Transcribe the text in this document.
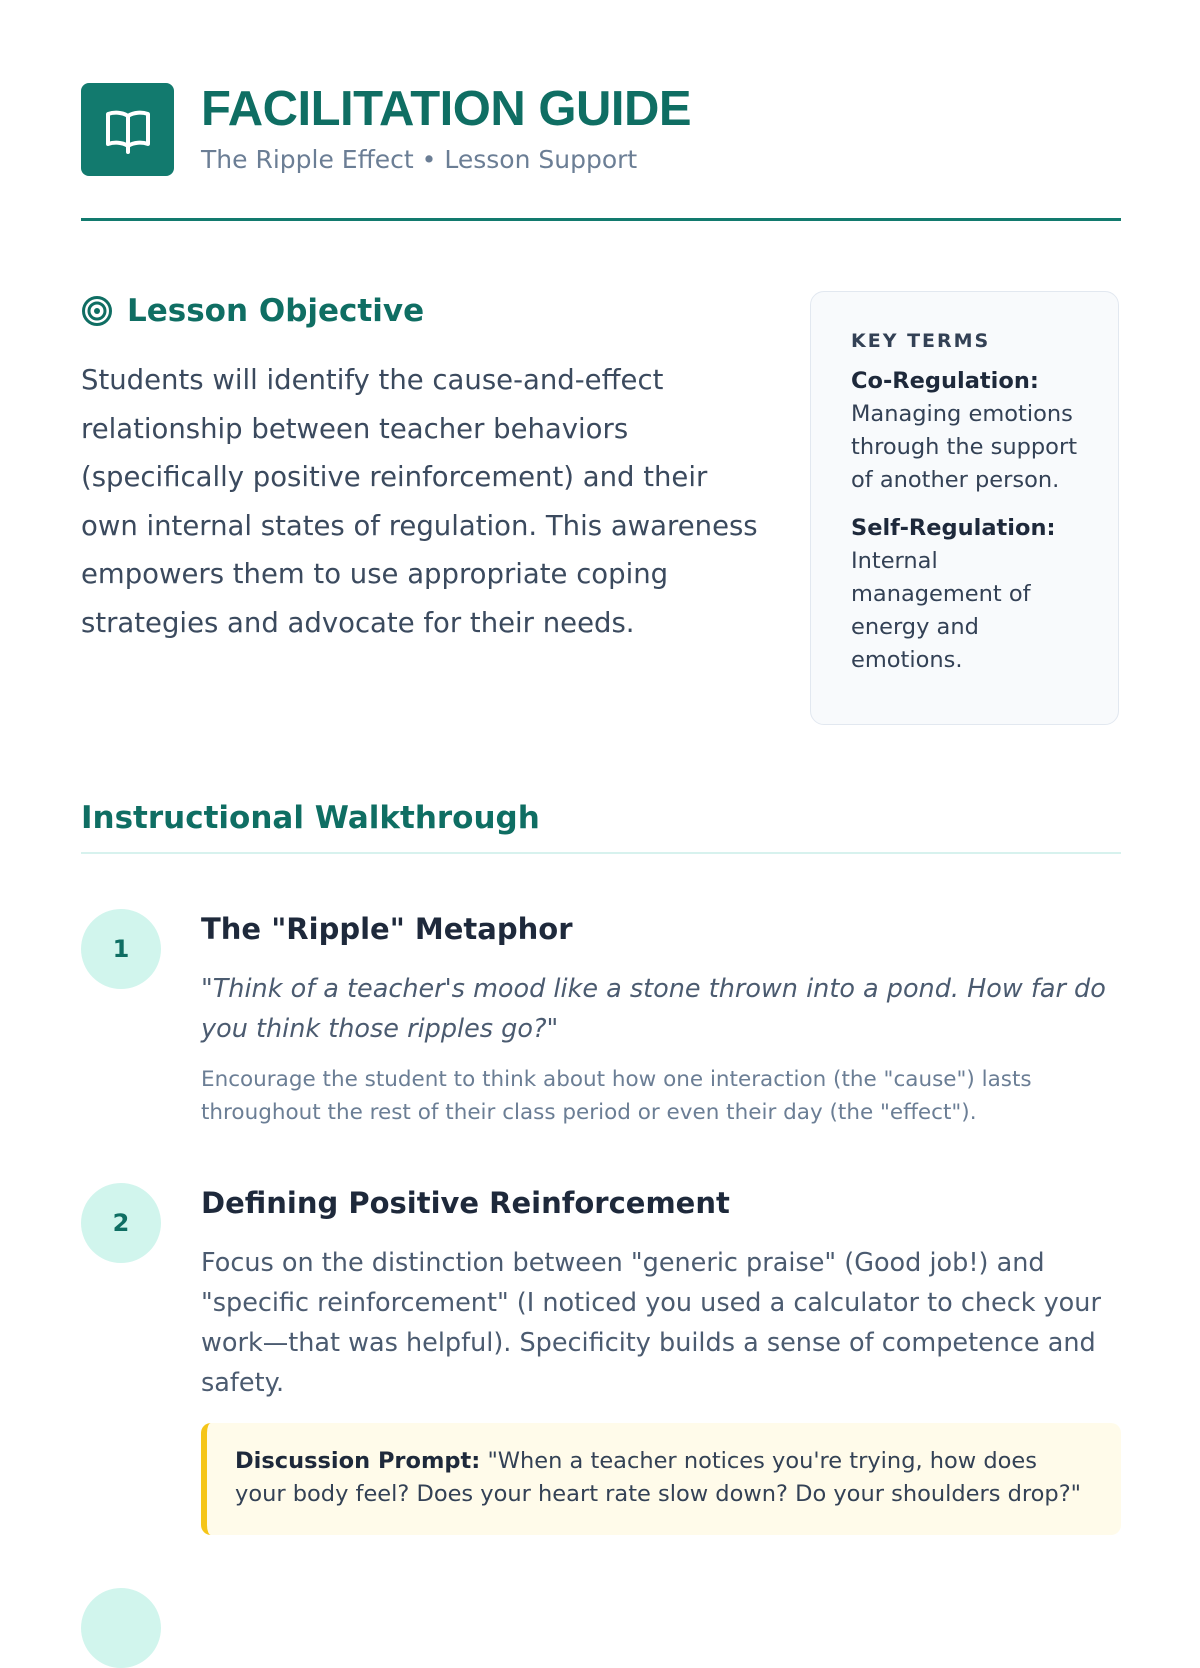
FACILITATION GUIDE

The Ripple Effect • Lesson Support

Lesson Objective

Students will identify the cause-and-effect relationship between teacher behaviors (specifically positive reinforcement) and their own internal states of regulation. This awareness empowers them to use appropriate coping strategies and advocate for their needs.

KEY TERMS

Co-Regulation:
Managing emotions through the support of another person.

Self-Regulation:
Internal management of energy and emotions.

Instructional Walkthrough
1
The "Ripple" Metaphor

"Think of a teacher's mood like a stone thrown into a pond. How far do you think those ripples go?"

Encourage the student to think about how one interaction (the "cause") lasts throughout the rest of their class period or even their day (the "effect").

2
Defining Positive Reinforcement

Focus on the distinction between "generic praise" (Good job!) and "specific reinforcement" (I noticed you used a calculator to check your work—that was helpful). Specificity builds a sense of competence and safety.

Discussion Prompt: "When a teacher notices you're trying, how does your body feel? Does your heart rate slow down? Do your shoulders drop?"
